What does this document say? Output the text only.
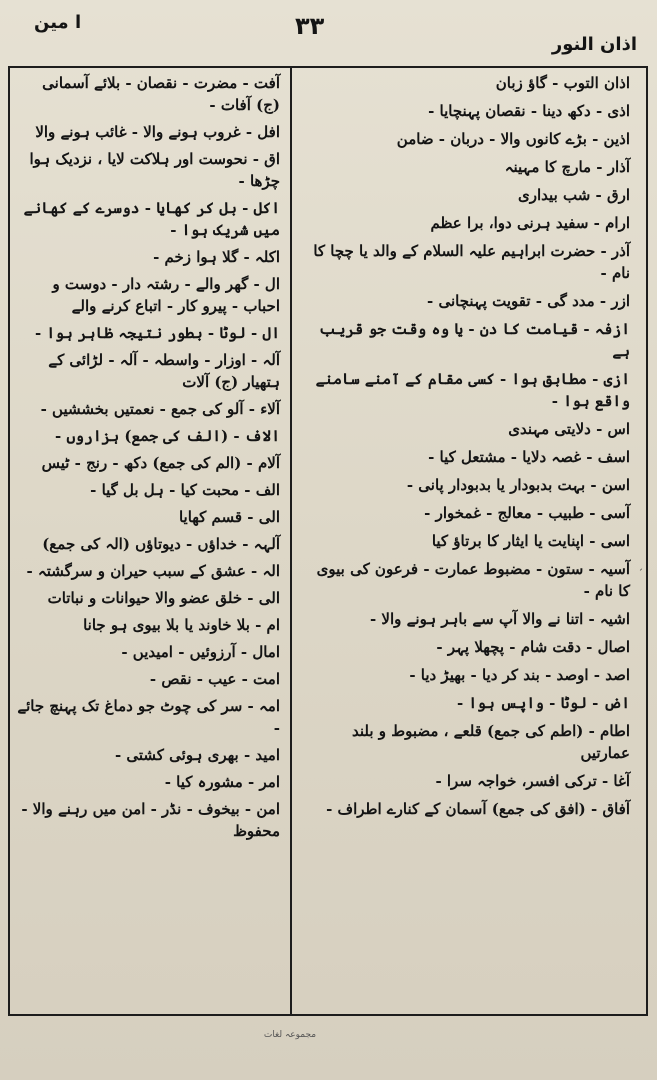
ا مین	۳۳
اذان النور
اذان التوب - گاؤ زبان
اذی - دکھ دینا - نقصان پہنچایا -
اذین - بڑے کانوں والا - دربان - ضامن
آذار - مارچ کا مہینہ
ارق - شب بیداری
ارام - سفید ہرنی دوا، برا عظم
آذر - حضرت ابراہیم علیہ السلام کے والد یا چچا کا نام -
ازر - مدد گی - تقویت پہنچانی -
ازفہ - قیامت کا دن - یا وہ وقت جو قریب ہے
ازی - مطابق ہوا - کسی مقام کے آمنے سامنے واقع ہوا -
اس - دلایتی مہندی
اسف - غصہ دلایا - مشتعل کیا -
اسن - بہت بدبودار یا بدبودار پانی -
آسی - طبیب - معالج - غمخوار -
اسی - اپنایت یا ایثار کا برتاؤ کیا
آسیہ - ستون - مضبوط عمارت - فرعون کی بیوی کا نام -
اشیہ - اتنا نے والا آپ سے باہر ہونے والا -
اصال - دقت شام - پچھلا پہر -
اصد - اوصد - بند کر دیا - بھیڑ دیا -
اض - لوٹا - واپس ہوا -
اطام - (اطم کی جمع) قلعے ، مضبوط و بلند عمارتیں
آغا - ترکی افسر، خواجہ سرا -
آفاق - (افق کی جمع) آسمان کے کنارے اطراف -
آفت - مضرت - نقصان - بلائے آسمانی (ج) آفات -
افل - غروب ہونے والا - غائب ہونے والا
اق - نحوست اور ہلاکت لایا ، نزدیک ہوا چڑھا -
اکل - بل کر کھایا - دوسرے کے کھانے میں شریک ہوا -
اکلہ - گلا ہوا زخم -
ال - گھر والے - رشتہ دار - دوست و احباب - پیرو کار - اتباع کرنے والے
ال - لوٹا - بطور نتیجہ ظاہر ہوا -
آلہ - اوزار - واسطہ - آلہ - لڑائی کے ہتھیار (ج) آلات
آلاء - آلو کی جمع - نعمتیں بخششیں -
الاف - (الف کی جمع) ہزاروں -
آلام - (الم کی جمع) دکھ - رنج - ٹیس
الف - محبت کیا - ہل بل گیا -
الی - قسم کھایا
آلہہ - خداؤں - دیوتاؤں (الہ کی جمع)
الہ - عشق کے سبب حیران و سرگشتہ -
الی - خلق عضو والا حیوانات و نباتات
ام - بلا خاوند یا بلا بیوی ہو جانا
امال - آرزوئیں - امیدیں -
امت - عیب - نقص -
امہ - سر کی چوٹ جو دماغ تک پہنچ جائے -
امید - بھری ہوئی کشتی -
امر - مشورہ کیا -
امن - بیخوف - نڈر - امن میں رہنے والا - محفوظ
ˏ
مجموعہ لغات
